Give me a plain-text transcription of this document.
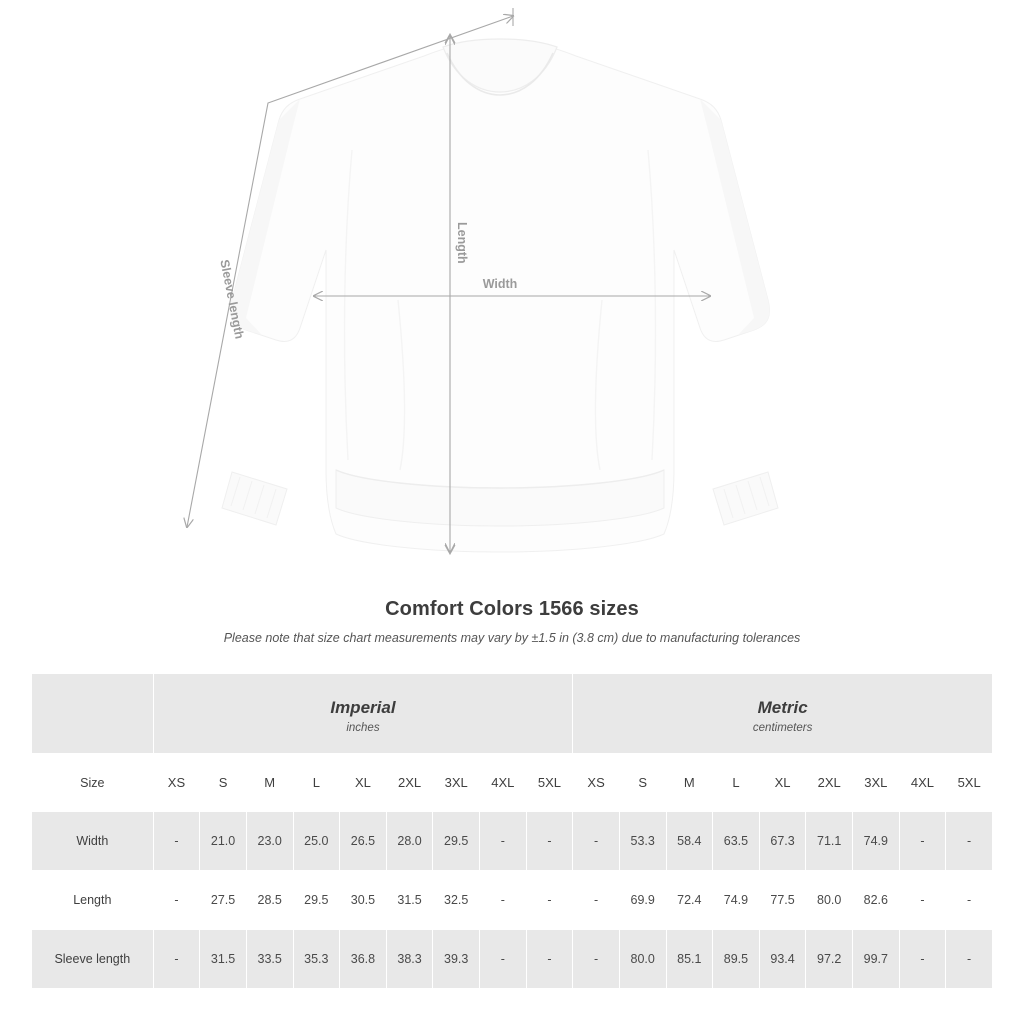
Length
Width
Sleeve length
Comfort Colors 1566 sizes
Please note that size chart measurements may vary by ±1.5 in (3.8 cm) due to manufacturing tolerances

Imperial
inches

Metric
centimeters

Size	XS	S	M	L	XL	2XL	3XL	4XL	5XL	XS	S	M	L	XL	2XL	3XL	4XL	5XL
Width	-	21.0	23.0	25.0	26.5	28.0	29.5	-	-	-	53.3	58.4	63.5	67.3	71.1	74.9	-	-
Length	-	27.5	28.5	29.5	30.5	31.5	32.5	-	-	-	69.9	72.4	74.9	77.5	80.0	82.6	-	-
Sleeve length	-	31.5	33.5	35.3	36.8	38.3	39.3	-	-	-	80.0	85.1	89.5	93.4	97.2	99.7	-	-
